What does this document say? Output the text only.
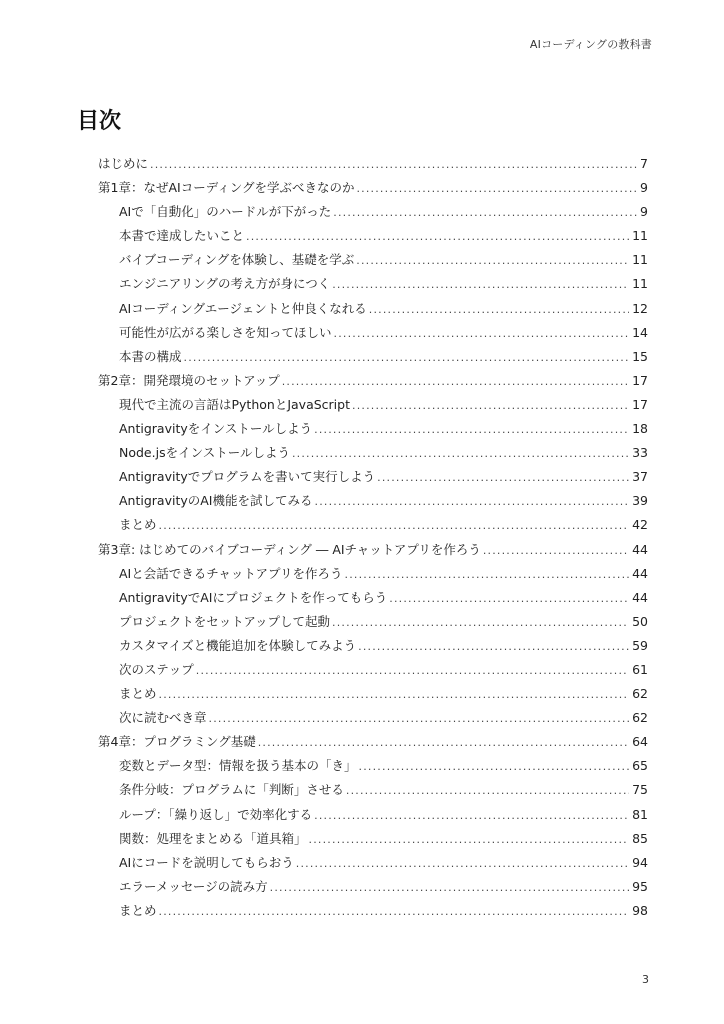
AIコーディングの教科書
目次
はじめに .....	7
第1章：なぜAIコーディングを学ぶべきなのか .....	9
AIで「自動化」のハードルが下がった .....	9
本書で達成したいこと .....	11
バイブコーディングを体験し、基礎を学ぶ .....	11
エンジニアリングの考え方が身につく .....	11
AIコーディングエージェントと仲良くなれる .....	12
可能性が広がる楽しさを知ってほしい .....	14
本書の構成 .....	15
第2章：開発環境のセットアップ .....	17
現代で主流の言語はPythonとJavaScript .....	17
Antigravityをインストールしよう .....	18
Node.jsをインストールしよう .....	33
Antigravityでプログラムを書いて実行しよう .....	37
AntigravityのAI機能を試してみる .....	39
まとめ .....	42
第3章: はじめてのバイブコーディング ― AIチャットアプリを作ろう .....	44
AIと会話できるチャットアプリを作ろう .....	44
AntigravityでAIにプロジェクトを作ってもらう .....	44
プロジェクトをセットアップして起動 .....	50
カスタマイズと機能追加を体験してみよう .....	59
次のステップ .....	61
まとめ .....	62
次に読むべき章 .....	62
第4章：プログラミング基礎 .....	64
変数とデータ型：情報を扱う基本の「き」 .....	65
条件分岐：プログラムに「判断」させる .....	75
ループ：「繰り返し」で効率化する .....	81
関数：処理をまとめる「道具箱」 .....	85
AIにコードを説明してもらおう .....	94
エラーメッセージの読み方 .....	95
まとめ .....	98
3
